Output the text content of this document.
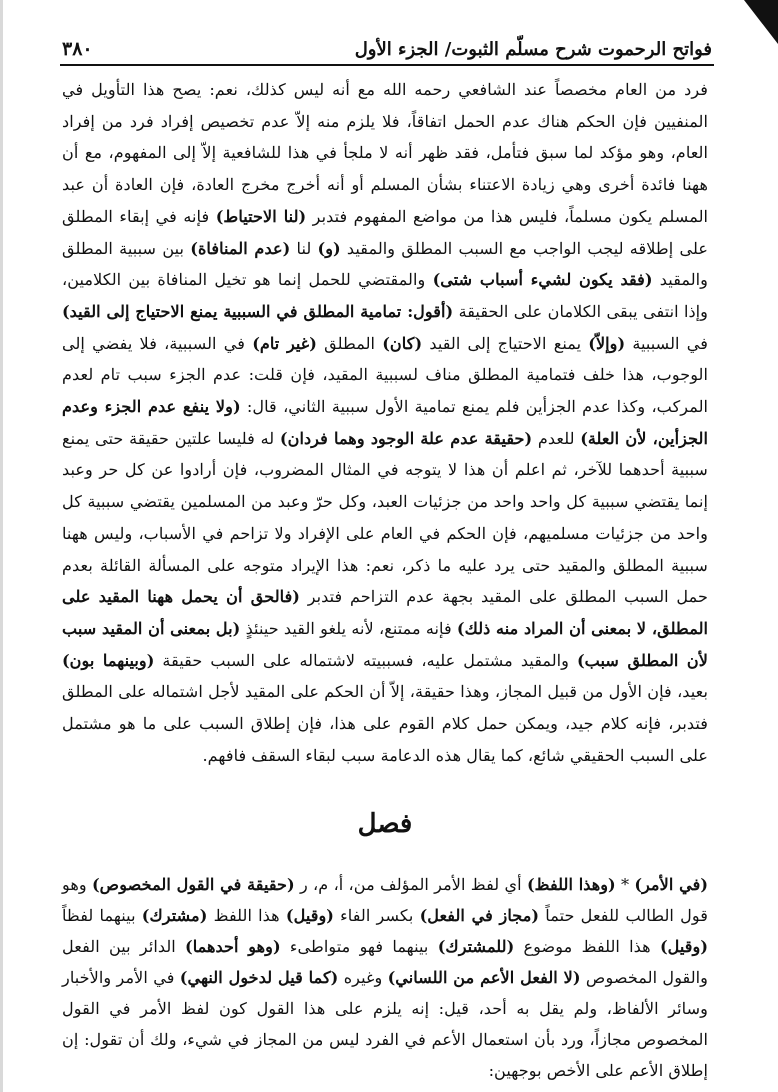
فواتح الرحموت شرح مسلّم الثبوت/ الجزء الأول
٣٨٠

فرد من العام مخصصاً عند الشافعي رحمه الله مع أنه ليس كذلك، نعم: يصح هذا التأويل في المنفيين فإن الحكم هناك عدم الحمل اتفاقاً، فلا يلزم منه إلاّ عدم تخصيص إفراد فرد من إفراد العام، وهو مؤكد لما سبق فتأمل، فقد ظهر أنه لا ملجأ في هذا للشافعية إلاّ إلى المفهوم، مع أن ههنا فائدة أخرى وهي زيادة الاعتناء بشأن المسلم أو أنه أخرج مخرج العادة، فإن العادة أن عبد المسلم يكون مسلماً، فليس هذا من مواضع المفهوم فتدبر (لنا الاحتياط) فإنه في إبقاء المطلق على إطلاقه ليجب الواجب مع السبب المطلق والمقيد (و) لنا (عدم المنافاة) بين سببية المطلق والمقيد (فقد يكون لشيء أسباب شتى) والمقتضي للحمل إنما هو تخيل المنافاة بين الكلامين، وإذا انتفى يبقى الكلامان على الحقيقة (أقول: تمامية المطلق في السببية يمنع الاحتياج إلى القيد) في السببية (وإلاّ) يمنع الاحتياج إلى القيد (كان) المطلق (غير تام) في السببية، فلا يفضي إلى الوجوب، هذا خلف فتمامية المطلق مناف لسببية المقيد، فإن قلت: عدم الجزء سبب تام لعدم المركب، وكذا عدم الجزأين فلم يمنع تمامية الأول سببية الثاني، قال: (ولا ينفع عدم الجزء وعدم الجزأين، لأن العلة) للعدم (حقيقة عدم علة الوجود وهما فردان) له فليسا علتين حقيقة حتى يمنع سببية أحدهما للآخر، ثم اعلم أن هذا لا يتوجه في المثال المضروب، فإن أرادوا عن كل حر وعبد إنما يقتضي سببية كل واحد واحد من جزئيات العبد، وكل حرّ وعبد من المسلمين يقتضي سببية كل واحد من جزئيات مسلميهم، فإن الحكم في العام على الإفراد ولا تزاحم في الأسباب، وليس ههنا سببية المطلق والمقيد حتى يرد عليه ما ذكر، نعم: هذا الإيراد متوجه على المسألة القائلة بعدم حمل السبب المطلق على المقيد بجهة عدم التزاحم فتدبر (فالحق أن يحمل ههنا المقيد على المطلق، لا بمعنى أن المراد منه ذلك) فإنه ممتنع، لأنه يلغو القيد حينئذٍ (بل بمعنى أن المقيد سبب لأن المطلق سبب) والمقيد مشتمل عليه، فسببيته لاشتماله على السبب حقيقة (وبينهما بون) بعيد، فإن الأول من قبيل المجاز، وهذا حقيقة، إلاّ أن الحكم على المقيد لأجل اشتماله على المطلق فتدبر، فإنه كلام جيد، ويمكن حمل كلام القوم على هذا، فإن إطلاق السبب على ما هو مشتمل على السبب الحقيقي شائع، كما يقال هذه الدعامة سبب لبقاء السقف فافهم.

فصل

(في الأمر) * (وهذا اللفظ) أي لفظ الأمر المؤلف من، أ، م، ر (حقيقة في القول المخصوص) وهو قول الطالب للفعل حتماً (مجاز في الفعل) بكسر الفاء (وقيل) هذا اللفظ (مشترك) بينهما لفظاً (وقيل) هذا اللفظ موضوع (للمشترك) بينهما فهو متواطىء (وهو أحدهما) الدائر بين الفعل والقول المخصوص (لا الفعل الأعم من اللساني) وغيره (كما قيل لدخول النهي) في الأمر والأخبار وسائر الألفاظ، ولم يقل به أحد، قيل: إنه يلزم على هذا القول كون لفظ الأمر في القول المخصوص مجازاً، ورد بأن استعمال الأعم في الفرد ليس من المجاز في شيء، ولك أن تقول: إن إطلاق الأعم على الأخص بوجهين:
